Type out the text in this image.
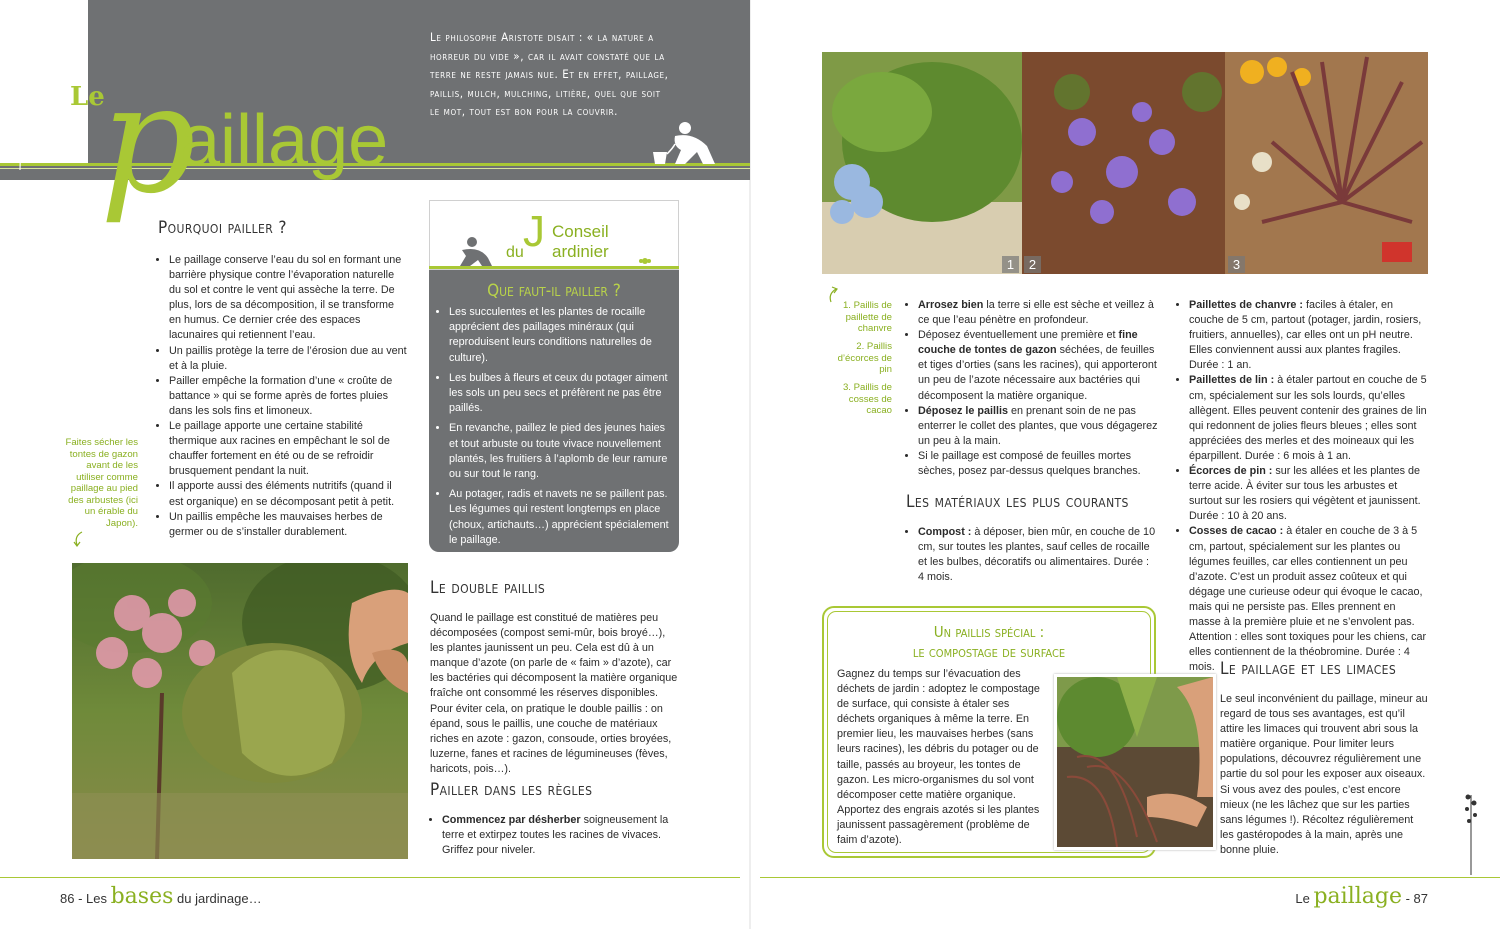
Le philosophe Aristote disait : « la nature a horreur du vide », car il avait constaté que la terre ne reste jamais nue. Et en effet, paillage, paillis, mulch, mulching, litière, quel que soit le mot, tout est bon pour la couvrir.
Le
p
aillage
Pourquoi pailler ?
• Le paillage conserve l’eau du sol en formant une barrière physique contre l’évaporation naturelle du sol et contre le vent qui assèche la terre. De plus, lors de sa décomposition, il se transforme en humus. Ce dernier crée des espaces lacunaires qui retiennent l’eau.
• Un paillis protège la terre de l’érosion due au vent et à la pluie.
• Pailler empêche la formation d’une « croûte de battance » qui se forme après de fortes pluies dans les sols fins et limoneux.
• Le paillage apporte une certaine stabilité thermique aux racines en empêchant le sol de chauffer fortement en été ou de se refroidir brusquement pendant la nuit.
• Il apporte aussi des éléments nutritifs (quand il est organique) en se décomposant petit à petit.
• Un paillis empêche les mauvaises herbes de germer ou de s’installer durablement.
Faites sécher les tontes de gazon avant de les utiliser comme paillage au pied des arbustes (ici un érable du Japon).
J Conseil
du ardinier
Que faut-il pailler ?
• Les succulentes et les plantes de rocaille apprécient des paillages minéraux (qui reproduisent leurs conditions naturelles de culture).
• Les bulbes à fleurs et ceux du potager aiment les sols un peu secs et préfèrent ne pas être paillés.
• En revanche, paillez le pied des jeunes haies et tout arbuste ou toute vivace nouvellement plantés, les fruitiers à l’aplomb de leur ramure ou sur tout le rang.
• Au potager, radis et navets ne se paillent pas. Les légumes qui restent longtemps en place (choux, artichauts…) apprécient spécialement le paillage.
Le double paillis
Quand le paillage est constitué de matières peu décomposées (compost semi-mûr, bois broyé…), les plantes jaunissent un peu. Cela est dû à un manque d’azote (on parle de « faim » d’azote), car les bactéries qui décomposent la matière organique fraîche ont consommé les réserves disponibles. Pour éviter cela, on pratique le double paillis : on épand, sous le paillis, une couche de matériaux riches en azote : gazon, consoude, orties broyées, luzerne, fanes et racines de légumineuses (fèves, haricots, pois…).
Pailler dans les règles
• Commencez par désherber soigneusement la terre et extirpez toutes les racines de vivaces. Griffez pour niveler.
86 - Les bases du jardinage…
1	2	3
1. Paillis de paillette de chanvre
2. Paillis d’écorces de pin
3. Paillis de cosses de cacao
• Arrosez bien la terre si elle est sèche et veillez à ce que l’eau pénètre en profondeur.
• Déposez éventuellement une première et fine couche de tontes de gazon séchées, de feuilles et tiges d’orties (sans les racines), qui apporteront un peu de l’azote nécessaire aux bactéries qui décomposent la matière organique.
• Déposez le paillis en prenant soin de ne pas enterrer le collet des plantes, que vous dégagerez un peu à la main.
• Si le paillage est composé de feuilles mortes sèches, posez par-dessus quelques branches.
Les matériaux les plus courants
• Compost : à déposer, bien mûr, en couche de 10 cm, sur toutes les plantes, sauf celles de rocaille et les bulbes, décoratifs ou alimentaires. Durée : 4 mois.
• Paillettes de chanvre : faciles à étaler, en couche de 5 cm, partout (potager, jardin, rosiers, fruitiers, annuelles), car elles ont un pH neutre. Elles conviennent aussi aux plantes fragiles. Durée : 1 an.
• Paillettes de lin : à étaler partout en couche de 5 cm, spécialement sur les sols lourds, qu’elles allègent. Elles peuvent contenir des graines de lin qui redonnent de jolies fleurs bleues ; elles sont appréciées des merles et des moineaux qui les éparpillent. Durée : 6 mois à 1 an.
• Écorces de pin : sur les allées et les plantes de terre acide. À éviter sur tous les arbustes et surtout sur les rosiers qui végètent et jaunissent. Durée : 10 à 20 ans.
• Cosses de cacao : à étaler en couche de 3 à 5 cm, partout, spécialement sur les plantes ou légumes feuilles, car elles contiennent un peu d’azote. C’est un produit assez coûteux et qui dégage une curieuse odeur qui évoque le cacao, mais qui ne persiste pas. Elles prennent en masse à la première pluie et ne s’envolent pas. Attention : elles sont toxiques pour les chiens, car elles contiennent de la théobromine. Durée : 4 mois.
Un paillis spécial :
le compostage de surface
Gagnez du temps sur l’évacuation des déchets de jardin : adoptez le compostage de surface, qui consiste à étaler ses déchets organiques à même la terre. En premier lieu, les mauvaises herbes (sans leurs racines), les débris du potager ou de taille, passés au broyeur, les tontes de gazon. Les micro-organismes du sol vont décomposer cette matière organique. Apportez des engrais azotés si les plantes jaunissent passagèrement (problème de faim d’azote).
Le paillage et les limaces
Le seul inconvénient du paillage, mineur au regard de tous ses avantages, est qu’il attire les limaces qui trouvent abri sous la matière organique. Pour limiter leurs populations, découvrez régulièrement une partie du sol pour les exposer aux oiseaux. Si vous avez des poules, c’est encore mieux (ne les lâchez que sur les parties sans légumes !). Récoltez régulièrement les gastéropodes à la main, après une bonne pluie.
Le paillage - 87
